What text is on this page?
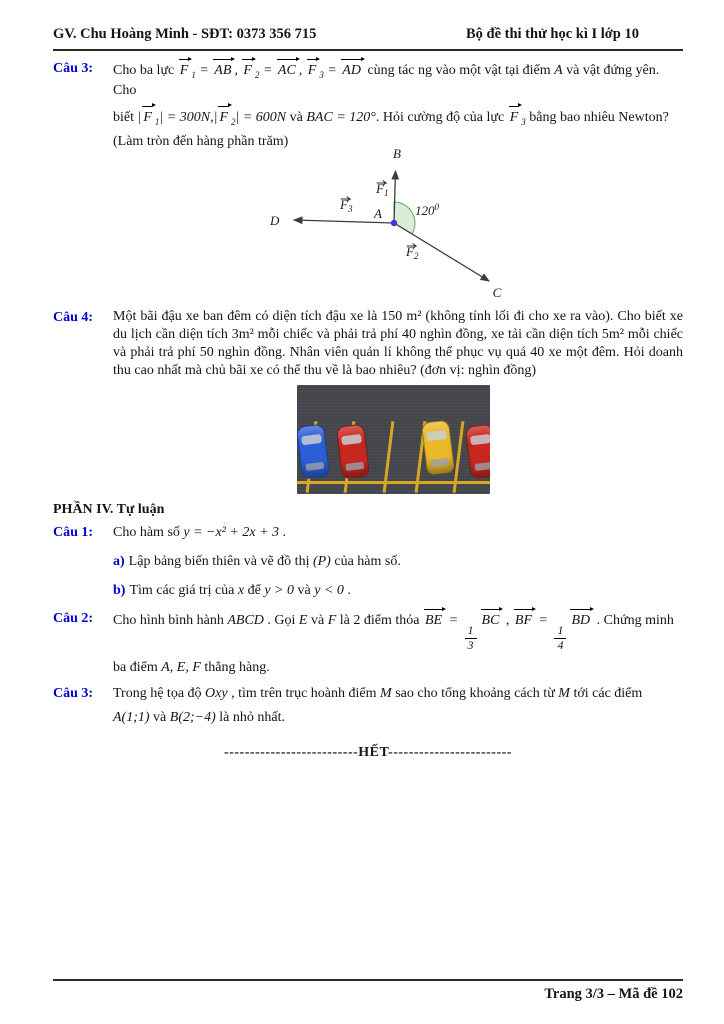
GV. Chu Hoàng Minh - SĐT: 0373 356 715	Bộ đề thi thử học kì I lớp 10
Câu 3:	Cho ba lực F $_1$ = AB , F $_2$ = AC , F $_3$ = AD cùng tác ng vào một vật tại điểm A và vật đứng yên. Cho
biết | F $_1$| = 300N,| F $_2$| = 600N và BAC = 120°. Hỏi cường độ của lực F $_3$ bằng bao nhiêu Newton?
(Làm tròn đến hàng phần trăm)
B
D
C
A
$F_1$
$F_3$
$F_2$
$120^0$
Câu 4:	Một bãi đậu xe ban đêm có diện tích đậu xe là 150 m² (không tính lối đi cho xe ra vào). Cho biết xe du lịch cần diện tích 3m² mỗi chiếc và phải trả phí 40 nghìn đồng, xe tải cần diện tích 5m² mỗi chiếc và phải trả phí 50 nghìn đồng. Nhân viên quản lí không thể phục vụ quá 40 xe một đêm. Hỏi doanh thu cao nhất mà chủ bãi xe có thể thu về là bao nhiêu? (đơn vị: nghìn đồng)
PHẦN IV. Tự luận
Câu 1:	Cho hàm số y = −x² + 2x + 3 .
a) Lập bảng biến thiên và vẽ đồ thị (P) của hàm số.
b) Tìm các giá trị của x để y > 0 và y < 0 .
Câu 2:	Cho hình bình hành ABCD . Gọi E và F là 2 điểm thỏa BE =
$\frac{1}{3}$
BC , BF =
$\frac{1}{4}$
BD . Chứng minh
ba điểm A, E, F thẳng hàng.
Câu 3:	Trong hệ tọa độ Oxy , tìm trên trục hoành điểm M sao cho tổng khoảng cách từ M tới các điểm
A(1;1) và B(2;−4) là nhỏ nhất.
--------------------------HẾT------------------------
Trang 3/3 – Mã đề 102
